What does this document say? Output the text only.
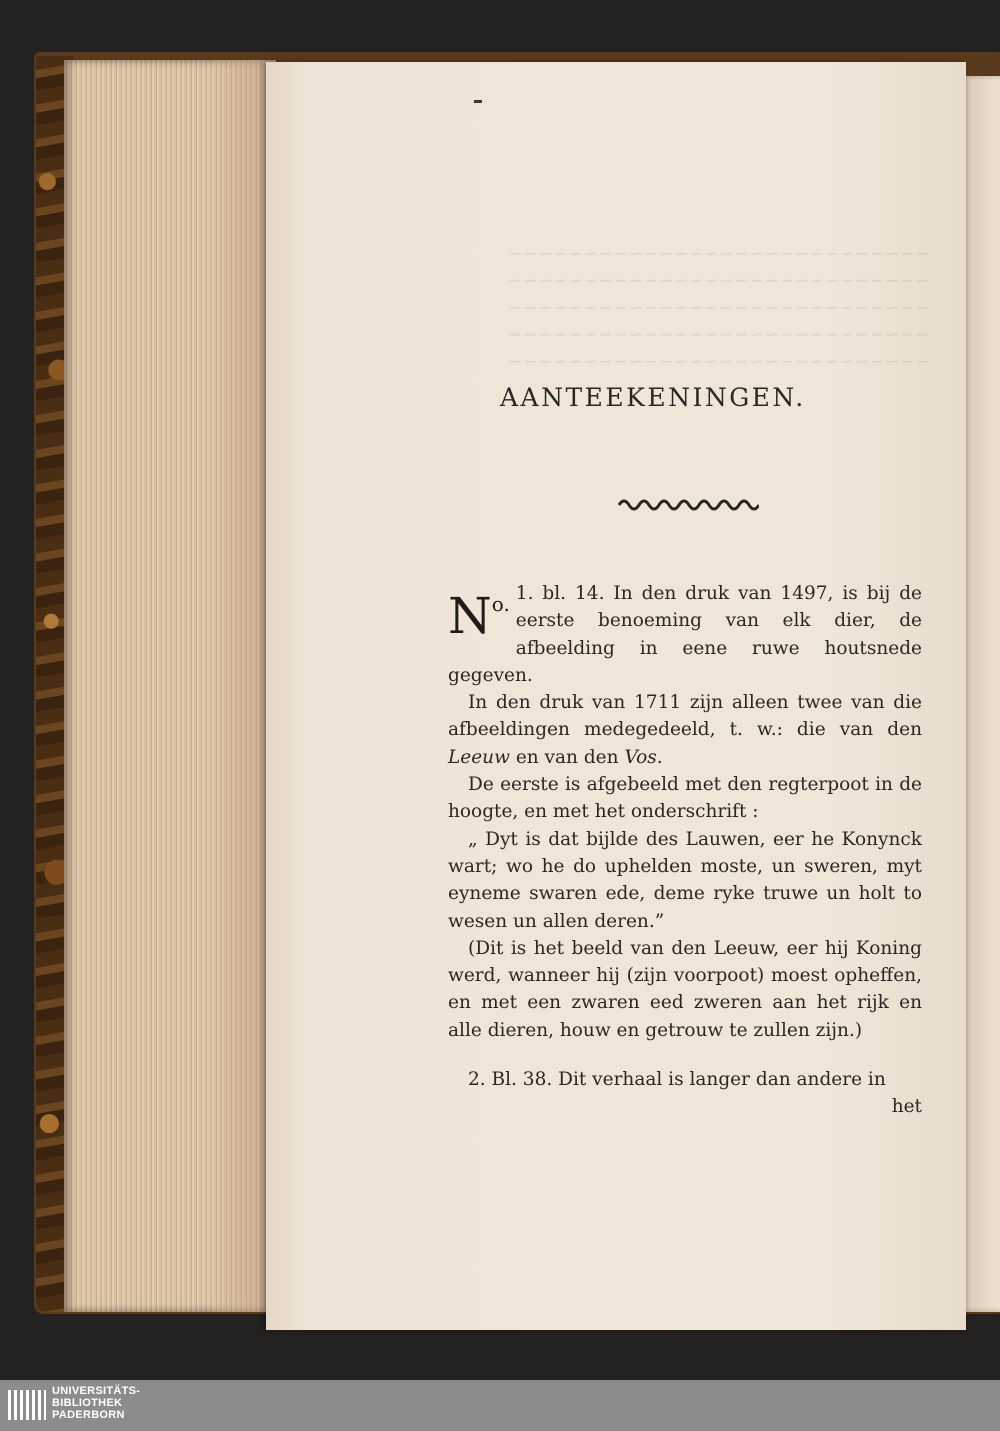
~~~~~~~~~~~~~~~~~~~~~~~~~~~~
~~~~~~~~~~~~~~~~~~~~~~~~~~~~
~~~~~~~~~~~~~~~~~~~~~~~~~~~~
~~~~~~~~~~~~~~~~~~~~~~~~~~~~
~~~~~~~~~~~~~~~~~~~~~~~~~~~~
AANTEEKENINGEN.

$N^{o.}$ 1. bl. 14. In den druk van 1497, is bij de eerste benoeming van elk dier, de afbeelding in eene ruwe houtsnede gegeven.

In den druk van 1711 zijn alleen twee van die afbeeldingen medegedeeld, t. w.: die van den Leeuw en van den Vos.

De eerste is afgebeeld met den regterpoot in de hoogte, en met het onderschrift :

„ Dyt is dat bijlde des Lauwen, eer he Konynck wart; wo he do uphelden moste, un sweren, myt eyneme swaren ede, deme ryke truwe un holt to wesen un allen deren.”

(Dit is het beeld van den Leeuw, eer hij Koning werd, wanneer hij (zijn voorpoot) moest opheffen, en met een zwaren eed zweren aan het rijk en alle dieren, houw en getrouw te zullen zijn.)

2. Bl. 38. Dit verhaal is langer dan andere in

het

UNIVERSITÄTS-
BIBLIOTHEK
PADERBORN
